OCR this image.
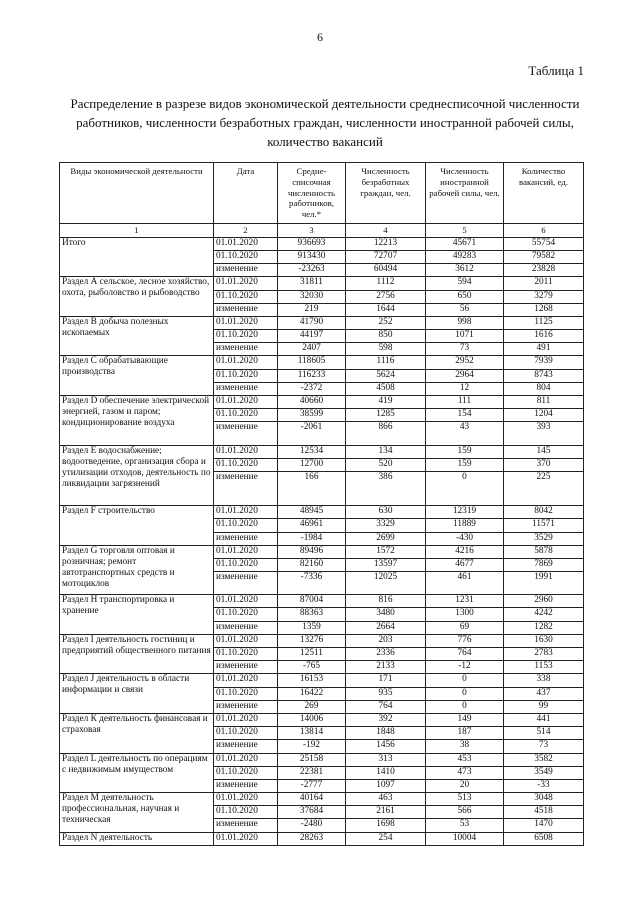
6
Таблица 1
Распределение в разрезе видов экономической деятельности среднесписочной численности работников, численности безработных граждан, численности иностранной рабочей силы, количество вакансий
Виды экономической деятельности	Дата	Средне-списочная численность работников, чел.*	Численность безработных граждан, чел.	Численность иностранной рабочей силы, чел.	Количество вакансий, ед.
1	2	3	4	5	6
Итого	01.01.2020	936693	12213	45671	55754
	01.10.2020	913430	72707	49283	79582
	изменение	-23263	60494	3612	23828
Раздел А сельское, лесное хозяйство, охота, рыболовство и рыбоводство	01.01.2020	31811	1112	594	2011
	01.10.2020	32030	2756	650	3279
	изменение	219	1644	56	1268
Раздел В добыча полезных ископаемых	01.01.2020	41790	252	998	1125
	01.10.2020	44197	850	1071	1616
	изменение	2407	598	73	491
Раздел С обрабатывающие производства	01.01.2020	118605	1116	2952	7939
	01.10.2020	116233	5624	2964	8743
	изменение	-2372	4508	12	804
Раздел D обеспечение электрической энергией, газом и паром; кондиционирование воздуха	01.01.2020	40660	419	111	811
	01.10.2020	38599	1285	154	1204
	изменение	-2061	866	43	393
Раздел Е водоснабжение; водоотведение, организация сбора и утилизации отходов, деятельность по ликвидации загрязнений	01.01.2020	12534	134	159	145
	01.10.2020	12700	520	159	370
	изменение	166	386	0	225
Раздел F строительство	01.01.2020	48945	630	12319	8042
	01.10.2020	46961	3329	11889	11571
	изменение	-1984	2699	-430	3529
Раздел G торговля оптовая и розничная; ремонт автотранспортных средств и мотоциклов	01.01.2020	89496	1572	4216	5878
	01.10.2020	82160	13597	4677	7869
	изменение	-7336	12025	461	1991
Раздел Н транспортировка и хранение	01.01.2020	87004	816	1231	2960
	01.10.2020	88363	3480	1300	4242
	изменение	1359	2664	69	1282
Раздел I деятельность гостиниц и предприятий общественного питания	01.01.2020	13276	203	776	1630
	01.10.2020	12511	2336	764	2783
	изменение	-765	2133	-12	1153
Раздел J деятельность в области информации и связи	01.01.2020	16153	171	0	338
	01.10.2020	16422	935	0	437
	изменение	269	764	0	99
Раздел К деятельность финансовая и страховая	01.01.2020	14006	392	149	441
	01.10.2020	13814	1848	187	514
	изменение	-192	1456	38	73
Раздел L деятельность по операциям с недвижимым имуществом	01.01.2020	25158	313	453	3582
	01.10.2020	22381	1410	473	3549
	изменение	-2777	1097	20	-33
Раздел М деятельность профессиональная, научная и техническая	01.01.2020	40164	463	513	3048
	01.10.2020	37684	2161	566	4518
	изменение	-2480	1698	53	1470
Раздел N деятельность	01.01.2020	28263	254	10004	6508
